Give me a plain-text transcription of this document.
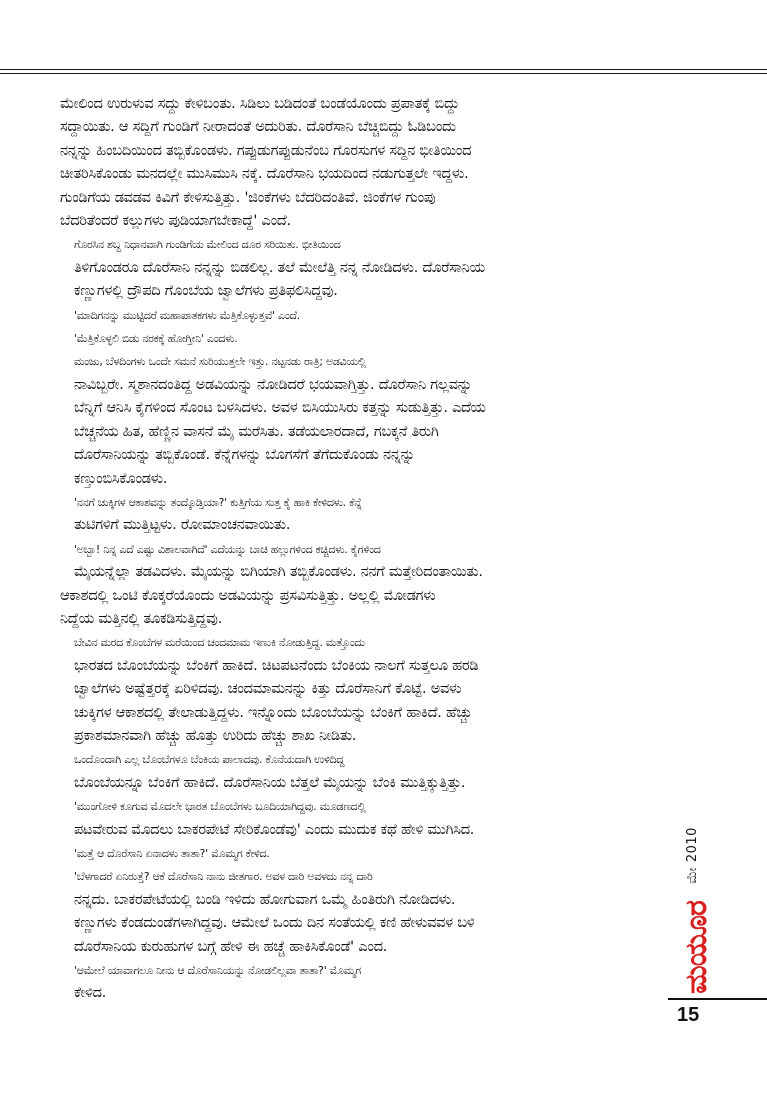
ಮೇಲಿಂದ ಉರುಳುವ ಸದ್ದು ಕೇಳಿಬಂತು. ಸಿಡಿಲು ಬಡಿದಂತೆ ಬಂಡೆಯೊಂದು ಪ್ರಪಾತಕ್ಕೆ ಬಿದ್ದು
ಸದ್ದಾಯಿತು. ಆ ಸದ್ದಿಗೆ ಗುಂಡಿಗೆ ನೀರಾದಂತೆ ಅದುರಿತು. ದೊರೆಸಾನಿ ಬೆಚ್ಚಿಬಿದ್ದು ಓಡಿಬಂದು
ನನ್ನನ್ನು ಹಿಂಬದಿಯಿಂದ ತಬ್ಬಿಕೊಂಡಳು. ಗಪ್ಪುಡುಗಪ್ಪುಡುನೆಂಬ ಗೊರಸುಗಳ ಸದ್ದಿನ ಭೀತಿಯಿಂದ
ಚೀತರಿಸಿಕೊಂಡು ಮನದಲ್ಲೇ ಮುಸಿಮುಸಿ ನಕ್ಕೆ. ದೊರೆಸಾನಿ ಭಯದಿಂದ ನಡುಗುತ್ತಲೇ ಇದ್ದಳು.
ಗುಂಡಿಗೆಯ ಡವಡವ ಕಿವಿಗೆ ಕೇಳಿಸುತ್ತಿತ್ತು. 'ಜಿಂಕೆಗಳು ಬೆದರಿದಂತಿವೆ. ಜಿಂಕೆಗಳ ಗುಂಪು
ಬೆದರಿತೆಂದರೆ ಕಲ್ಲುಗಳು ಪುಡಿಯಾಗಬೇಕಾದ್ದೆ' ಎಂದೆ.

ಗೊರಸಿನ ಶಬ್ದ ನಿಧಾನವಾಗಿ ಗುಂಡಿಗೆಯ ಮೇಲಿಂದ ದೂರ ಸರಿಯಿತು. ಭೀತಿಯಿಂದ
ತಿಳಿಗೊಂಡರೂ ದೊರೆಸಾನಿ ನನ್ನನ್ನು ಬಿಡಲಿಲ್ಲ. ತಲೆ ಮೇಲೆತ್ತಿ ನನ್ನ ನೋಡಿದಳು. ದೊರೆಸಾನಿಯ
ಕಣ್ಣುಗಳಲ್ಲಿ ದ್ರೌಪದಿ ಗೊಂಬೆಯ ಜ್ವಾಲೆಗಳು ಪ್ರತಿಫಲಿಸಿದ್ದವು.

'ಮಾದಿಗನನ್ನು ಮುಟ್ಟಿದರೆ ಮಹಾಪಾತಕಗಳು ಮೆತ್ತಿಕೊಳ್ಳುತ್ತವೆ' ಎಂದೆ.

'ಮೆತ್ತಿಕೊಳ್ಳಲಿ ಬಿಡು ನರಕಕ್ಕೆ ಹೋಗ್ತೀನಿ' ಎಂದಳು.

ಮಂಜು, ಬೆಳದಿಂಗಳು ಒಂದೇ ಸಮನೆ ಸುರಿಯುತ್ತಲೇ ಇತ್ತು. ನಟ್ಟನಡು ರಾತ್ರಿ; ಅಡವಿಯಲ್ಲಿ
ನಾವಿಬ್ಬರೇ. ಸ್ಮಶಾನದಂತಿದ್ದ ಅಡವಿಯನ್ನು ನೋಡಿದರೆ ಭಯವಾಗ್ತಿತ್ತು. ದೊರೆಸಾನಿ ಗಲ್ಲವನ್ನು
ಬೆನ್ನಿಗೆ ಆನಿಸಿ ಕೈಗಳಿಂದ ಸೊಂಟ ಬಳಸಿದಳು. ಅವಳ ಬಿಸಿಯುಸಿರು ಕತ್ತನ್ನು ಸುಡುತ್ತಿತ್ತು. ಎದೆಯ
ಬೆಚ್ಚನೆಯ ಹಿತ, ಹೆಣ್ಣಿನ ವಾಸನೆ ಮೈ ಮರೆಸಿತು. ತಡೆಯಲಾರದಾದೆ, ಗಬಕ್ಕನೆ ತಿರುಗಿ
ದೊರೆಸಾನಿಯನ್ನು ತಬ್ಬಿಕೊಂಡೆ. ಕೆನ್ನೆಗಳನ್ನು ಬೊಗಸೆಗೆ ತೆಗೆದುಕೊಂಡು ನನ್ನನ್ನು
ಕಣ್ತುಂಬಿಸಿಕೊಂಡಳು.

'ನನಗೆ ಚುಕ್ಕಿಗಳ ಆಕಾಶವನ್ನು ತಂದ್ಕೊಡ್ತಿಯಾ?' ಕುತ್ತಿಗೆಯ ಸುತ್ತ ಕೈ ಹಾಕಿ ಕೇಳಿದಳು. ಕೆನ್ನೆ
ತುಟಿಗಳಿಗೆ ಮುತ್ತಿಟ್ಟಳು. ರೋಮಾಂಚನವಾಯಿತು.

'ಅಬ್ಬಾ! ನಿನ್ನ ಎದೆ ಎಷ್ಟು ವಿಶಾಲವಾಗಿದೆ' ಎದೆಯನ್ನು ಬಾಚಿ ಹಲ್ಲುಗಳಿಂದ ಕಚ್ಚಿದಳು. ಕೈಗಳಿಂದ
ಮೈಯನ್ನೆಲ್ಲಾ ತಡವಿದಳು. ಮೈಯನ್ನು ಬಿಗಿಯಾಗಿ ತಬ್ಬಿಕೊಂಡಳು. ನನಗೆ ಮತ್ತೇರಿದಂತಾಯಿತು.

ಆಕಾಶದಲ್ಲಿ ಒಂಟಿ ಕೊಕ್ಕರೆಯೊಂದು ಅಡವಿಯನ್ನು ಪ್ರಸವಿಸುತ್ತಿತ್ತು. ಅಲ್ಲಲ್ಲಿ ಮೋಡಗಳು
ನಿದ್ದೆಯ ಮತ್ತಿನಲ್ಲಿ ತೂಕಡಿಸುತ್ತಿದ್ದವು.

ಬೇವಿನ ಮರದ ಕೊಂಬೆಗಳ ಮರೆಯಿಂದ ಚಂದಮಾಮ ಇಣುಕಿ ನೋಡುತ್ತಿದ್ದ. ಮತ್ತೊಂದು
ಭಾರತದ ಬೊಂಬೆಯನ್ನು ಬೆಂಕಿಗೆ ಹಾಕಿದೆ. ಚಿಟಪಟನೆಂದು ಬೆಂಕಿಯ ನಾಲಗೆ ಸುತ್ತಲೂ ಹರಡಿ
ಜ್ವಾಲೆಗಳು ಅಷ್ಟೆತ್ತರಕ್ಕೆ ಏರಿಳಿದವು. ಚಂದಮಾಮನನ್ನು ಕಿತ್ತು ದೊರೆಸಾನಿಗೆ ಕೊಟ್ಟೆ. ಅವಳು
ಚುಕ್ಕಿಗಳ ಆಕಾಶದಲ್ಲಿ ತೇಲಾಡುತ್ತಿದ್ದಳು. ಇನ್ನೊಂದು ಬೊಂಬೆಯನ್ನು ಬೆಂಕಿಗೆ ಹಾಕಿದೆ. ಹೆಚ್ಚು
ಪ್ರಕಾಶಮಾನವಾಗಿ ಹೆಚ್ಚು ಹೊತ್ತು ಉರಿದು ಹೆಚ್ಚು ಶಾಖ ನೀಡಿತು.

ಒಂದೊಂದಾಗಿ ಎಲ್ಲ ಬೊಂಬೆಗಳೂ ಬೆಂಕಿಯ ಪಾಲಾದವು. ಕೊನೆಯದಾಗಿ ಉಳಿದಿದ್ದ
ಬೊಂಬೆಯನ್ನೂ ಬೆಂಕಿಗೆ ಹಾಕಿದೆ. ದೊರೆಸಾನಿಯ ಬೆತ್ತಲೆ ಮೈಯನ್ನು ಬೆಂಕಿ ಮುತ್ತಿಕ್ಕುತ್ತಿತ್ತು.

'ಮುಂಗೋಳಿ ಕೂಗುವ ಮೊದಲೇ ಭಾರತ ಬೊಂಬೆಗಳು ಬೂದಿಯಾಗಿದ್ದವು. ಮೂಡಣದಲ್ಲಿ
ಪಟವೇರುವ ಮೊದಲು ಬಾಕರಪೇಟೆ ಸೇರಿಕೊಂಡೆವು' ಎಂದು ಮುದುಕ ಕಥೆ ಹೇಳಿ ಮುಗಿಸಿದ.

'ಮತ್ತೆ ಆ ದೊರೆಸಾನಿ ಏನಾದಳು ತಾತಾ?' ಮೊಮ್ಮಗ ಕೇಳಿದ.

'ಬೆಳಗಾದರೆ ಏನಿರುತ್ತೆ? ಆಕೆ ದೊರೆಸಾನಿ ನಾನು ಜೀತಗಾರ. ಅವಳ ದಾರಿ ಅವಳದು ನನ್ನ ದಾರಿ
ನನ್ನದು. ಬಾಕರಪೇಟೆಯಲ್ಲಿ ಬಂಡಿ ಇಳಿದು ಹೋಗುವಾಗ ಒಮ್ಮೆ ಹಿಂತಿರುಗಿ ನೋಡಿದಳು.
ಕಣ್ಣುಗಳು ಕೆಂಡದುಂಡೆಗಳಾಗಿದ್ದವು. ಆಮೇಲೆ ಒಂದು ದಿನ ಸಂತೆಯಲ್ಲಿ ಕಣಿ ಹೇಳುವವಳ ಬಳಿ
ದೊರೆಸಾನಿಯ ಕುರುಹುಗಳ ಬಗ್ಗೆ ಹೇಳಿ ಈ ಹಚ್ಚೆ ಹಾಕಿಸಿಕೊಂಡೆ' ಎಂದ.

'ಆಮೇಲೆ ಯಾವಾಗಲೂ ನೀನು ಆ ದೊರೆಸಾನಿಯನ್ನು ನೋಡಲಿಲ್ಲವಾ ತಾತಾ?' ಮೊಮ್ಮಗ
ಕೇಳಿದ.

ಮೇ 2010
ಮಯೂರ
15
